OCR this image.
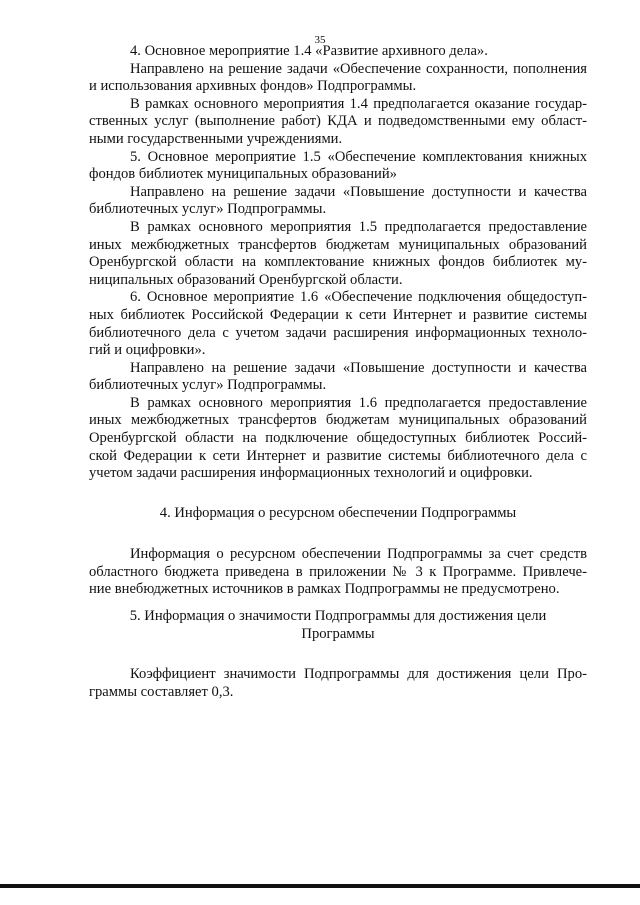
35
4. Основное мероприятие 1.4 «Развитие архивного дела».
Направлено на решение задачи «Обеспечение сохранности, пополнения
и использования архивных фондов» Подпрограммы.
В рамках основного мероприятия 1.4 предполагается оказание государ-
ственных услуг (выполнение работ) КДА и подведомственными ему област-
ными государственными учреждениями.
5. Основное мероприятие 1.5 «Обеспечение комплектования книжных
фондов библиотек муниципальных образований»
Направлено на решение задачи «Повышение доступности и качества
библиотечных услуг» Подпрограммы.
В рамках основного мероприятия 1.5 предполагается предоставление
иных межбюджетных трансфертов бюджетам муниципальных образований
Оренбургской области на комплектование книжных фондов библиотек му-
ниципальных образований Оренбургской области.
6. Основное мероприятие 1.6 «Обеспечение подключения общедоступ-
ных библиотек Российской Федерации к сети Интернет и развитие системы
библиотечного дела с учетом задачи расширения информационных техноло-
гий и оцифровки».
Направлено на решение задачи «Повышение доступности и качества
библиотечных услуг» Подпрограммы.
В рамках основного мероприятия 1.6 предполагается предоставление
иных межбюджетных трансфертов бюджетам муниципальных образований
Оренбургской области на подключение общедоступных библиотек Россий-
ской Федерации к сети Интернет и развитие системы библиотечного дела с
учетом задачи расширения информационных технологий и оцифровки.
4. Информация о ресурсном обеспечении Подпрограммы
Информация о ресурсном обеспечении Подпрограммы за счет средств
областного бюджета приведена в приложении № 3 к Программе. Привлече-
ние внебюджетных источников в рамках Подпрограммы не предусмотрено.
5. Информация о значимости Подпрограммы для достижения цели
Программы
Коэффициент значимости Подпрограммы для достижения цели Про-
граммы составляет 0,3.
